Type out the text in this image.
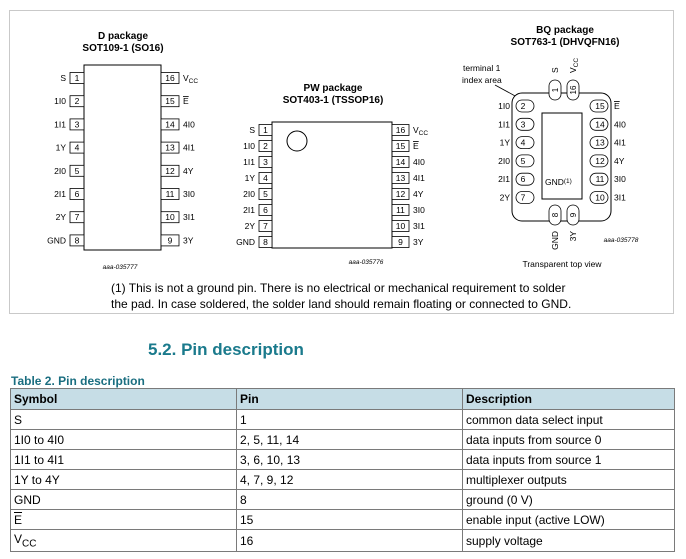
D package
SOT109-1 (SO16)
1
S
2
1I0
3
1I1
4
1Y
5
2I0
6
2I1
7
2Y
8
GND
16 $V_{CC}$
15 E
14 4I0
13 4I1
12 4Y
11 3I0
10 3I1
9 3Y
aaa-035777
PW package
SOT403-1 (TSSOP16)
1
S
2
1I0
3
1I1
4
1Y
5
2I0
6
2I1
7
2Y
8
GND
16 $V_{CC}$
15 E
14 4I0
13 4I1
12 4Y
11 3I0
10 3I1
9 3Y
aaa-035776
BQ package
SOT763-1 (DHVQFN16)
terminal 1
index area
GND$^{(1)}$
2
1I0
3
1I1
4
1Y
5
2I0
6
2I1
7
2Y
15 E
14 4I0
13 4I1
12 4Y
11 3I0
10 3I1
1
S
16
$V_{CC}$
8
GND
9
3Y	aaa-035778
Transparent top view
(1) This is not a ground pin. There is no electrical or mechanical requirement to solder the pad. In case soldered, the solder land should remain floating or connected to GND.
5.2. Pin description
Table 2. Pin description
Symbol	Pin	Description
S	1	common data select input
1I0 to 4I0	2, 5, 11, 14	data inputs from source 0
1I1 to 4I1	3, 6, 10, 13	data inputs from source 1
1Y to 4Y	4, 7, 9, 12	multiplexer outputs
GND	8	ground (0 V)
$\overline{E}$	15	enable input (active LOW)
$V_{CC}$	16	supply voltage
